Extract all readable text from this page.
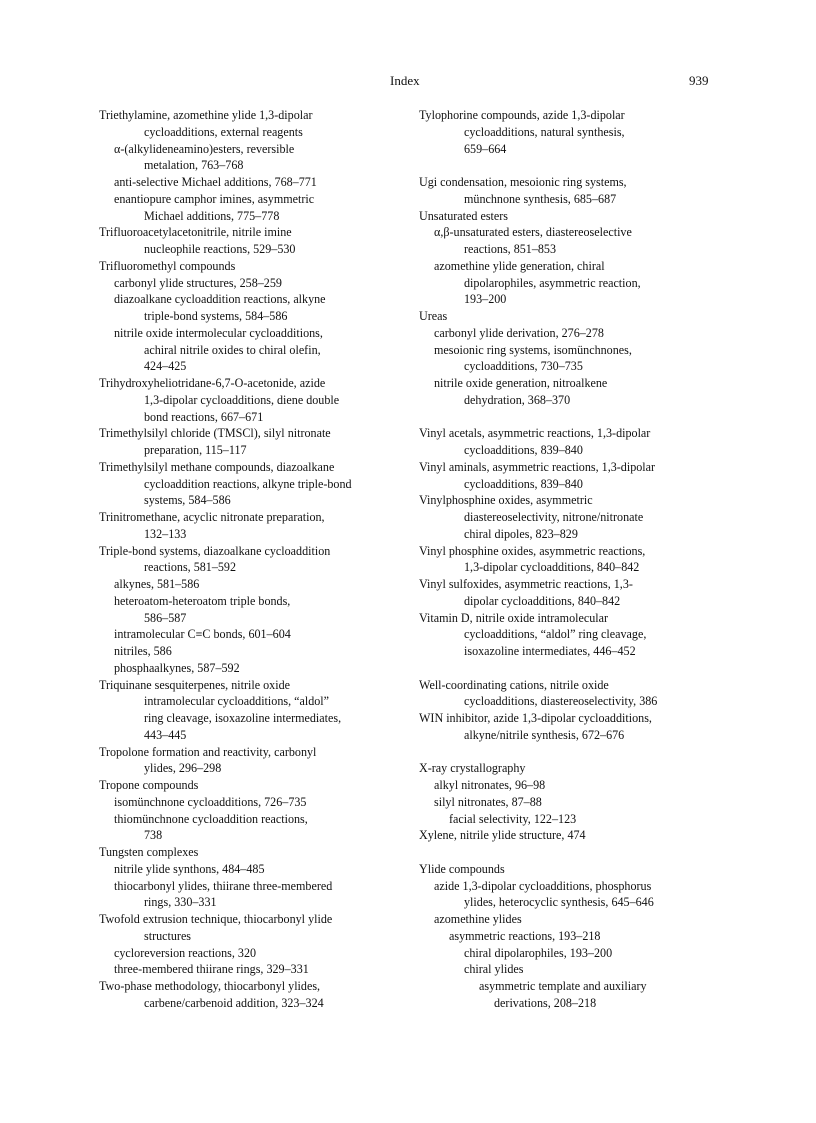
Index	939
Triethylamine, azomethine ylide 1,3-dipolar
cycloadditions, external reagents
α-(alkylideneamino)esters, reversible
metalation, 763–768
anti-selective Michael additions, 768–771
enantiopure camphor imines, asymmetric
Michael additions, 775–778
Trifluoroacetylacetonitrile, nitrile imine
nucleophile reactions, 529–530
Trifluoromethyl compounds
carbonyl ylide structures, 258–259
diazoalkane cycloaddition reactions, alkyne
triple-bond systems, 584–586
nitrile oxide intermolecular cycloadditions,
achiral nitrile oxides to chiral olefin,
424–425
Trihydroxyheliotridane-6,7-O-acetonide, azide
1,3-dipolar cycloadditions, diene double
bond reactions, 667–671
Trimethylsilyl chloride (TMSCl), silyl nitronate
preparation, 115–117
Trimethylsilyl methane compounds, diazoalkane
cycloaddition reactions, alkyne triple-bond
systems, 584–586
Trinitromethane, acyclic nitronate preparation,
132–133
Triple-bond systems, diazoalkane cycloaddition
reactions, 581–592
alkynes, 581–586
heteroatom-heteroatom triple bonds,
586–587
intramolecular C≡C bonds, 601–604
nitriles, 586
phosphaalkynes, 587–592
Triquinane sesquiterpenes, nitrile oxide
intramolecular cycloadditions, “aldol”
ring cleavage, isoxazoline intermediates,
443–445
Tropolone formation and reactivity, carbonyl
ylides, 296–298
Tropone compounds
isomünchnone cycloadditions, 726–735
thiomünchnone cycloaddition reactions,
738
Tungsten complexes
nitrile ylide synthons, 484–485
thiocarbonyl ylides, thiirane three-membered
rings, 330–331
Twofold extrusion technique, thiocarbonyl ylide
structures
cycloreversion reactions, 320
three-membered thiirane rings, 329–331
Two-phase methodology, thiocarbonyl ylides,
carbene/carbenoid addition, 323–324
Tylophorine compounds, azide 1,3-dipolar
cycloadditions, natural synthesis,
659–664
Ugi condensation, mesoionic ring systems,
münchnone synthesis, 685–687
Unsaturated esters
α,β-unsaturated esters, diastereoselective
reactions, 851–853
azomethine ylide generation, chiral
dipolarophiles, asymmetric reaction,
193–200
Ureas
carbonyl ylide derivation, 276–278
mesoionic ring systems, isomünchnones,
cycloadditions, 730–735
nitrile oxide generation, nitroalkene
dehydration, 368–370
Vinyl acetals, asymmetric reactions, 1,3-dipolar
cycloadditions, 839–840
Vinyl aminals, asymmetric reactions, 1,3-dipolar
cycloadditions, 839–840
Vinylphosphine oxides, asymmetric
diastereoselectivity, nitrone/nitronate
chiral dipoles, 823–829
Vinyl phosphine oxides, asymmetric reactions,
1,3-dipolar cycloadditions, 840–842
Vinyl sulfoxides, asymmetric reactions, 1,3-
dipolar cycloadditions, 840–842
Vitamin D, nitrile oxide intramolecular
cycloadditions, “aldol” ring cleavage,
isoxazoline intermediates, 446–452
Well-coordinating cations, nitrile oxide
cycloadditions, diastereoselectivity, 386
WIN inhibitor, azide 1,3-dipolar cycloadditions,
alkyne/nitrile synthesis, 672–676
X-ray crystallography
alkyl nitronates, 96–98
silyl nitronates, 87–88
facial selectivity, 122–123
Xylene, nitrile ylide structure, 474
Ylide compounds
azide 1,3-dipolar cycloadditions, phosphorus
ylides, heterocyclic synthesis, 645–646
azomethine ylides
asymmetric reactions, 193–218
chiral dipolarophiles, 193–200
chiral ylides
asymmetric template and auxiliary
derivations, 208–218
